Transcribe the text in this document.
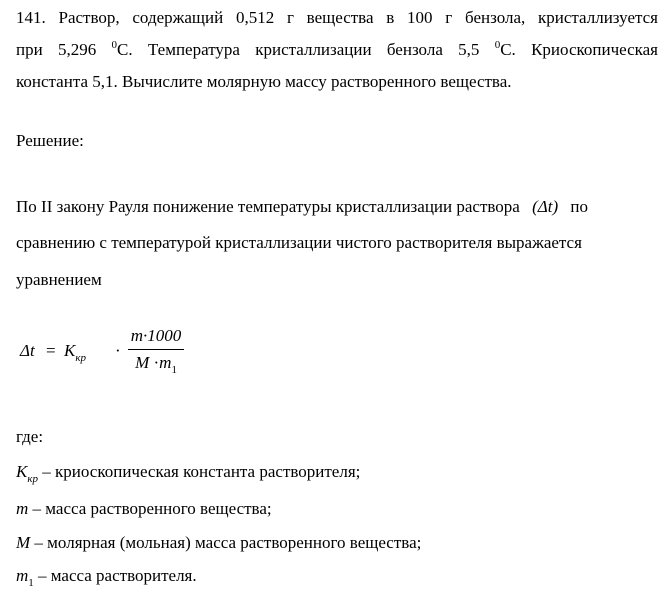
141. Раствор, содержащий 0,512 г вещества в 100 г бензола, кристаллизуется
при 5,296 $^0$С. Температура кристаллизации бензола 5,5 $^0$С. Криоскопическая
константа 5,1. Вычислите молярную массу растворенного вещества.
Решение:
По II закону Рауля понижение температуры кристаллизации раствора (Δt) по
сравнению с температурой кристаллизации чистого растворителя выражается
уравнением
$\Delta t = K_{кр}$ ·
m·1000
$M \cdot m_1$
где:
$K_{кр}$ – криоскопическая константа растворителя;
m – масса растворенного вещества;
M – молярная (мольная) масса растворенного вещества;
$m_1$ – масса растворителя.
